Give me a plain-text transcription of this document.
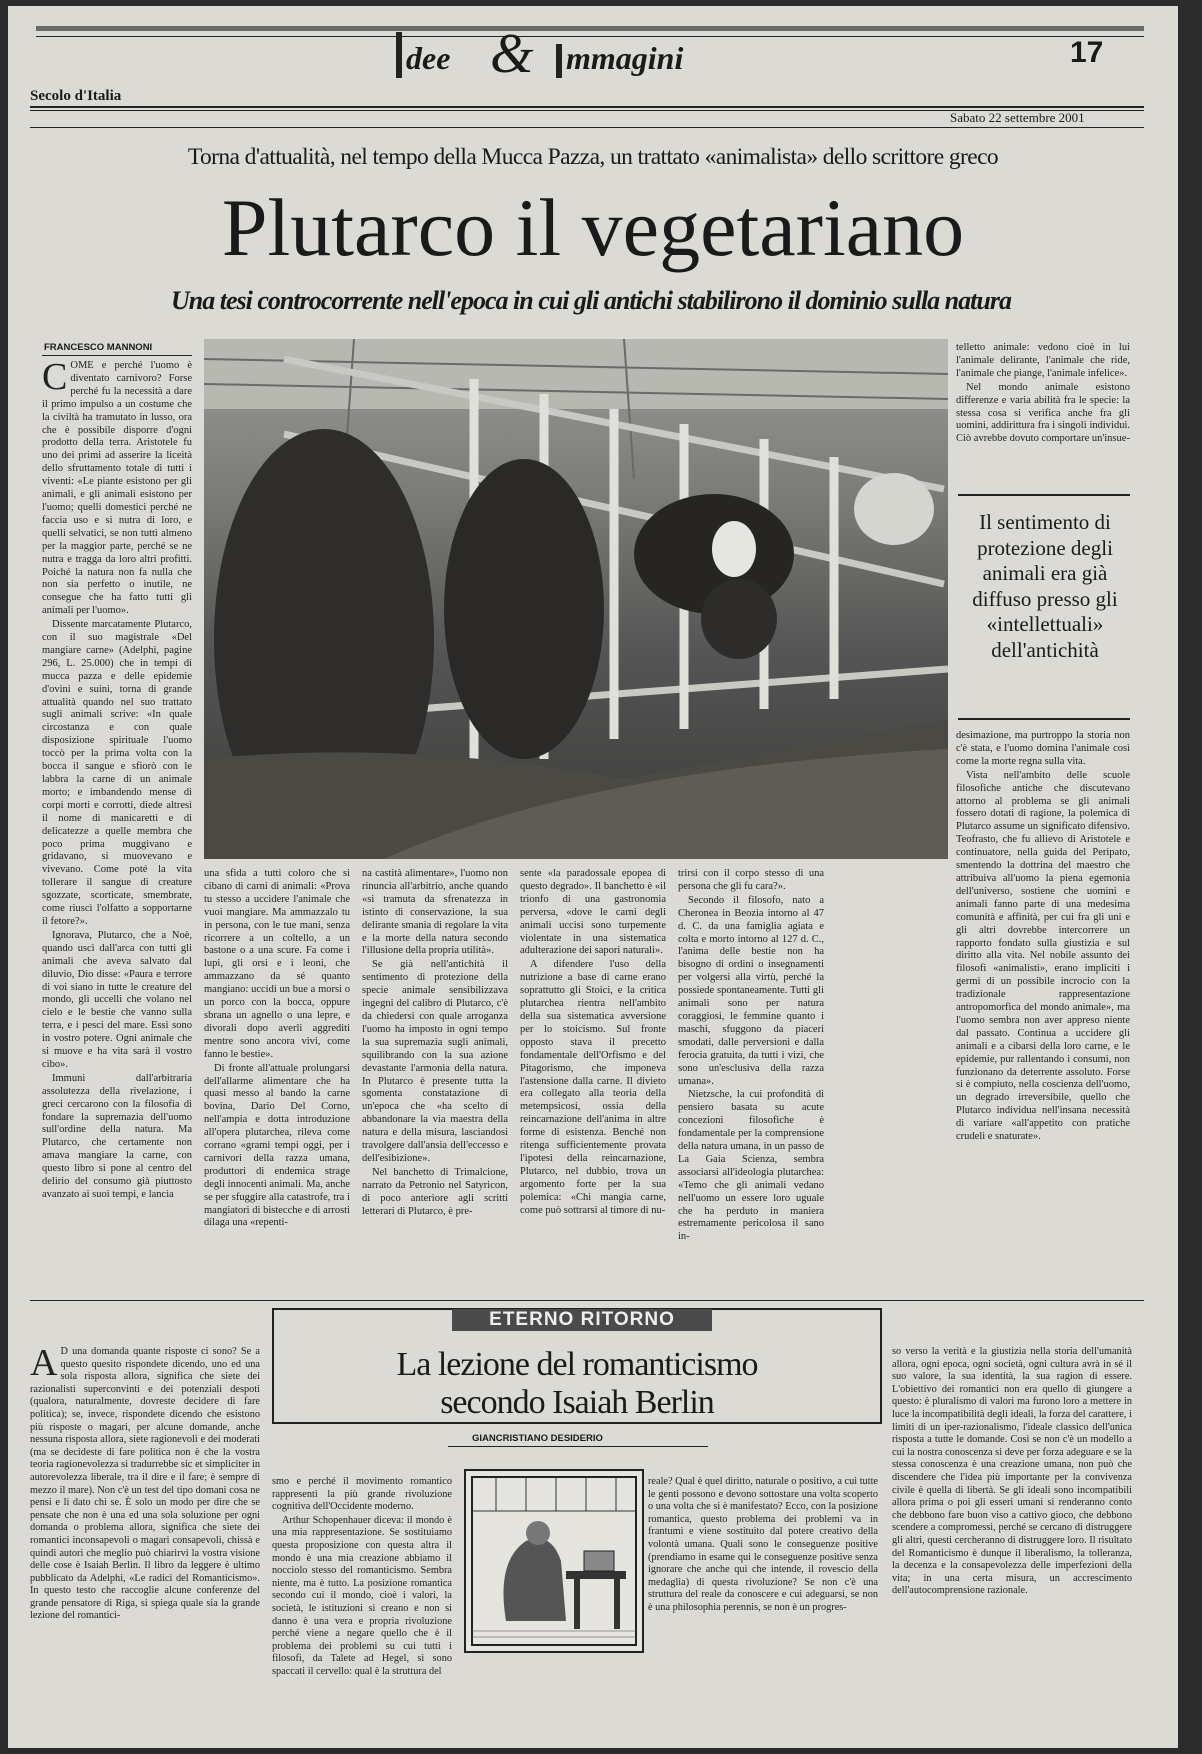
dee & mmagini	17
Secolo d'Italia
Sabato 22 settembre 2001
Torna d'attualità, nel tempo della Mucca Pazza, un trattato «animalista» dello scrittore greco
Plutarco il vegetariano
Una tesi controcorrente nell'epoca in cui gli antichi stabilirono il dominio sulla natura
FRANCESCO MANNONI

COME e perché l'uomo è diventato carnivoro? Forse perché fu la necessità a dare il primo impulso a un costume che la civiltà ha tramutato in lusso, ora che è possibile disporre d'ogni prodotto della terra. Aristotele fu uno dei primi ad asserire la liceità dello sfruttamento totale di tutti i viventi: «Le piante esistono per gli animali, e gli animali esistono per l'uomo; quelli domestici perché ne faccia uso e si nutra di loro, e quelli selvatici, se non tutti almeno per la maggior parte, perché se ne nutra e tragga da loro altri profitti. Poiché la natura non fa nulla che non sia perfetto o inutile, ne consegue che ha fatto tutti gli animali per l'uomo».

Dissente marcatamente Plutarco, con il suo magistrale «Del mangiare carne» (Adelphi, pagine 296, L. 25.000) che in tempi di mucca pazza e delle epidemie d'ovini e suini, torna di grande attualità quando nel suo trattato sugli animali scrive: «In quale circostanza e con quale disposizione spirituale l'uomo toccò per la prima volta con la bocca il sangue e sfiorò con le labbra la carne di un animale morto; e imbandendo mense di corpi morti e corrotti, diede altresì il nome di manicaretti e di delicatezze a quelle membra che poco prima muggivano e gridavano, si muovevano e vivevano. Come poté la vita tollerare il sangue di creature sgozzate, scorticate, smembrate, come riuscì l'olfatto a sopportarne il fetore?».

Ignorava, Plutarco, che a Noè, quando uscì dall'arca con tutti gli animali che aveva salvato dal diluvio, Dio disse: «Paura e terrore di voi siano in tutte le creature del mondo, gli uccelli che volano nel cielo e le bestie che vanno sulla terra, e i pesci del mare. Essi sono in vostro potere. Ogni animale che si muove e ha vita sarà il vostro cibo».

Immuni dall'arbitraria assolutezza della rivelazione, i greci cercarono con la filosofia di fondare la supremazia dell'uomo sull'ordine della natura. Ma Plutarco, che certamente non amava mangiare la carne, con questo libro si pone al centro del delirio del consumo già piuttosto avanzato ai suoi tempi, e lancia

una sfida a tutti coloro che si cibano di carni di animali: «Prova tu stesso a uccidere l'animale che vuoi mangiare. Ma ammazzalo tu in persona, con le tue mani, senza ricorrere a un coltello, a un bastone o a una scure. Fa come i lupi, gli orsi e i leoni, che ammazzano da sé quanto mangiano: uccidi un bue a morsi o un porco con la bocca, oppure sbrana un agnello o una lepre, e divorali dopo averli aggrediti mentre sono ancora vivi, come fanno le bestie».

Di fronte all'attuale prolungarsi dell'allarme alimentare che ha quasi messo al bando la carne bovina, Dario Del Corno, nell'ampia e dotta introduzione all'opera plutarchea, rileva come corrano «grami tempi oggi, per i carnivori della razza umana, produttori di endemica strage degli innocenti animali. Ma, anche se per sfuggire alla catastrofe, tra i mangiatori di bistecche e di arrosti dilaga una «repenti-

na castità alimentare», l'uomo non rinuncia all'arbitrio, anche quando «si tramuta da sfrenatezza in istinto di conservazione, la sua delirante smania di regolare la vita e la morte della natura secondo l'illusione della propria utilità».

Se già nell'antichità il sentimento di protezione della specie animale sensibilizzava ingegni del calibro di Plutarco, c'è da chiedersi con quale arroganza l'uomo ha imposto in ogni tempo la sua supremazia sugli animali, squilibrando con la sua azione devastante l'armonia della natura. In Plutarco è presente tutta la sgomenta constatazione di un'epoca che «ha scelto di abbandonare la via maestra della natura e della misura, lasciandosi travolgere dall'ansia dell'eccesso e dell'esibizione».

Nel banchetto di Trimalcione, narrato da Petronio nel Satyricon, di poco anteriore agli scritti letterari di Plutarco, è pre-

sente «la paradossale epopea di questo degrado». Il banchetto è «il trionfo di una gastronomia perversa, «dove le carni degli animali uccisi sono turpemente violentate in una sistematica adulterazione dei sapori naturali».

A difendere l'uso della nutrizione a base di carne erano soprattutto gli Stoici, e la critica plutarchea rientra nell'ambito della sua sistematica avversione per lo stoicismo. Sul fronte opposto stava il precetto fondamentale dell'Orfismo e del Pitagorismo, che imponeva l'astensione dalla carne. Il divieto era collegato alla teoria della metempsicosi, ossia della reincarnazione dell'anima in altre forme di esistenza. Benché non ritenga sufficientemente provata l'ipotesi della reincarnazione, Plutarco, nel dubbio, trova un argomento forte per la sua polemica: «Chi mangia carne, come può sottrarsi al timore di nu-

trirsi con il corpo stesso di una persona che gli fu cara?».

Secondo il filosofo, nato a Cheronea in Beozia intorno al 47 d. C. da una famiglia agiata e colta e morto intorno al 127 d. C., l'anima delle bestie non ha bisogno di ordini o insegnamenti per volgersi alla virtù, perché la possiede spontaneamente. Tutti gli animali sono per natura coraggiosi, le femmine quanto i maschi, sfuggono da piaceri smodati, dalle perversioni e dalla ferocia gratuita, da tutti i vizi, che sono un'esclusiva della razza umana».

Nietzsche, la cui profondità di pensiero basata su acute concezioni filosofiche è fondamentale per la comprensione della natura umana, in un passo de La Gaia Scienza, sembra associarsi all'ideologia plutarchea: «Temo che gli animali vedano nell'uomo un essere loro uguale che ha perduto in maniera estremamente pericolosa il sano in-

telletto animale: vedono cioè in lui l'animale delirante, l'animale che ride, l'animale che piange, l'animale infelice».

Nel mondo animale esistono differenze e varia abilità fra le specie: la stessa cosa si verifica anche fra gli uomini, addirittura fra i singoli individui. Ciò avrebbe dovuto comportare un'insue-

Il sentimento di protezione degli animali era già diffuso presso gli «intellettuali» dell'antichità

desimazione, ma purtroppo la storia non c'è stata, e l'uomo domina l'animale così come la morte regna sulla vita.

Vista nell'ambito delle scuole filosofiche antiche che discutevano attorno al problema se gli animali fossero dotati di ragione, la polemica di Plutarco assume un significato difensivo. Teofrasto, che fu allievo di Aristotele e continuatore, nella guida del Peripato, smentendo la dottrina del maestro che attribuiva all'uomo la piena egemonia dell'universo, sostiene che uomini e animali fanno parte di una medesima comunità e affinità, per cui fra gli uni e gli altri dovrebbe intercorrere un rapporto fondato sulla giustizia e sul diritto alla vita. Nel nobile assunto dei filosofi «animalisti», erano impliciti i germi di un possibile incrocio con la tradizionale rappresentazione antropomorfica del mondo animale», ma l'uomo sembra non aver appreso niente dal passato. Continua a uccidere gli animali e a cibarsi della loro carne, e le epidemie, pur rallentando i consumi, non funzionano da deterrente assoluto. Forse si è compiuto, nella coscienza dell'uomo, un degrado irreversibile, quello che Plutarco individua nell'insana necessità di variare «all'appetito con pratiche crudeli e snaturate».

La lezione del romanticismo
secondo Isaiah Berlin
ETERNO RITORNO
GIANCRISTIANO DESIDERIO

A D una domanda quante risposte ci sono? Se a questo quesito rispondete dicendo, uno ed una sola risposta allora, significa che siete dei razionalisti superconvinti e dei potenziali despoti (qualora, naturalmente, dovreste decidere di fare politica); se, invece, rispondete dicendo che esistono più risposte o magari, per alcune domande, anche nessuna risposta allora, siete ragionevoli e dei moderati (ma se decideste di fare politica non è che la vostra teoria ragionevolezza si tradurrebbe sic et simpliciter in autorevolezza liberale, tra il dire e il fare; è sempre di mezzo il mare). Non c'è un test del tipo domani cosa ne pensi e li dato chi se. È solo un modo per dire che se pensate che non è una ed una sola soluzione per ogni domanda o problema allora, significa che siete dei romantici inconsapevoli o magari consapevoli, chissà e quindi autori che meglio può chiarirvi la vostra visione delle cose è Isaiah Berlin. Il libro da leggere è ultimo pubblicato da Adelphi, «Le radici del Romanticismo». In questo testo che raccoglie alcune conferenze del grande pensatore di Riga, si spiega quale sia la grande lezione del romantici-

smo e perché il movimento romantico rappresenti la più grande rivoluzione cognitiva dell'Occidente moderno.

Arthur Schopenhauer diceva: il mondo è una mia rappresentazione. Se sostituiamo questa proposizione con questa altra il mondo è una mia creazione abbiamo il nocciolo stesso del romanticismo. Sembra niente, ma è tutto. La posizione romantica secondo cui il mondo, cioè i valori, la società, le istituzioni si creano e non si danno è una vera e propria rivoluzione perché viene a negare quello che è il problema dei problemi su cui tutti i filosofi, da Talete ad Hegel, si sono spaccati il cervello: qual è la struttura del

reale? Qual è quel diritto, naturale o positivo, a cui tutte le genti possono e devono sottostare una volta scoperto o una volta che si è manifestato? Ecco, con la posizione romantica, questo problema dei problemi va in frantumi e viene sostituito dal potere creativo della volontà umana. Quali sono le conseguenze positive (prendiamo in esame qui le conseguenze positive senza ignorare che anche qui che intende, il rovescio della medaglia) di questa rivoluzione? Se non c'è una struttura del reale da conoscere e cui adeguarsi, se non è una philosophia perennis, se non è un progres-

so verso la verità e la giustizia nella storia dell'umanità allora, ogni epoca, ogni società, ogni cultura avrà in sé il suo valore, la sua identità, la sua ragion di essere. L'obiettivo dei romantici non era quello di giungere a questo: è pluralismo di valori ma furono loro a mettere in luce la incompatibilità degli ideali, la forza del carattere, i limiti di un iper-razionalismo, l'ideale classico dell'unica risposta a tutte le domande. Così se non c'è un modello a cui la nostra conoscenza si deve per forza adeguare e se la stessa conoscenza è una creazione umana, non può che discendere che l'idea più importante per la convivenza civile è quella di libertà. Se gli ideali sono incompatibili allora prima o poi gli esseri umani si renderanno conto che debbono fare buon viso a cattivo gioco, che debbono scendere a compromessi, perché se cercano di distruggere gli altri, questi cercheranno di distruggere loro. Il risultato del Romanticismo è dunque il liberalismo, la tolleranza, la decenza e la consapevolezza delle imperfezioni della vita; in una certa misura, un accrescimento dell'autocomprensione razionale.
